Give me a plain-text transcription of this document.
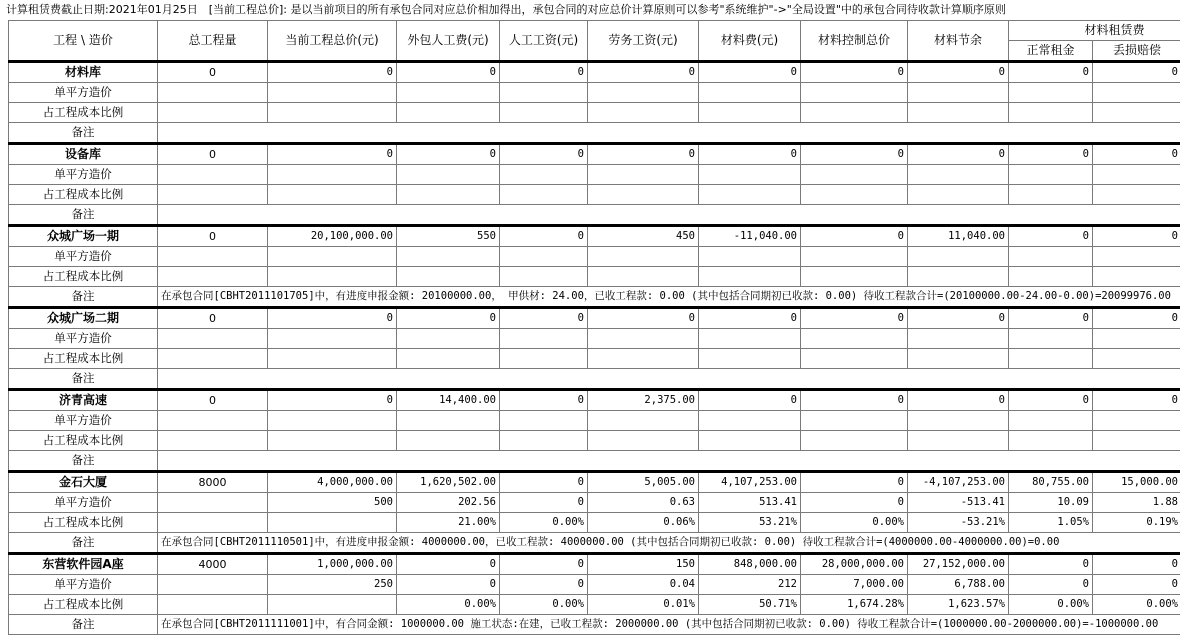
计算租赁费截止日期:2021年01月25日　[当前工程总价]: 是以当前项目的所有承包合同对应总价相加得出，承包合同的对应总价计算原则可以参考"系统维护"->"全局设置"中的承包合同待收款计算顺序原则
工程 \ 造价	总工程量	当前工程总价(元)	外包人工费(元)	人工工资(元)	劳务工资(元)	材料费(元)	材料控制总价	材料节余	材料租赁费		
									正常租金	丢损赔偿	
材料库	0	0	0	0	0	0	0	0	0	0	
单平方造价											
占工程成本比例											
备注											
设备库	0	0	0	0	0	0	0	0	0	0	
单平方造价											
占工程成本比例											
备注											
众城广场一期	0	20,100,000.00	550	0	450	-11,040.00	0	11,040.00	0	0	
单平方造价											
占工程成本比例											
备注	在承包合同[CBHT2011101705]中，有进度申报金额: 20100000.00， 甲供材: 24.00，已收工程款: 0.00 (其中包括合同期初已收款: 0.00) 待收工程款合计=(20100000.00-24.00-0.00)=20099976.00										
众城广场二期	0	0	0	0	0	0	0	0	0	0	
单平方造价											
占工程成本比例											
备注											
济青高速	0	0	14,400.00	0	2,375.00	0	0	0	0	0	
单平方造价											
占工程成本比例											
备注											
金石大厦	8000	4,000,000.00	1,620,502.00	0	5,005.00	4,107,253.00	0	-4,107,253.00	80,755.00	15,000.00	
单平方造价		500	202.56	0	0.63	513.41	0	-513.41	10.09	1.88	
占工程成本比例			21.00%	0.00%	0.06%	53.21%	0.00%	-53.21%	1.05%	0.19%	
备注	在承包合同[CBHT2011110501]中，有进度申报金额: 4000000.00，已收工程款: 4000000.00 (其中包括合同期初已收款: 0.00) 待收工程款合计=(4000000.00-4000000.00)=0.00										
东营软件园A座	4000	1,000,000.00	0	0	150	848,000.00	28,000,000.00	27,152,000.00	0	0	
单平方造价		250	0	0	0.04	212	7,000.00	6,788.00	0	0	
占工程成本比例			0.00%	0.00%	0.01%	50.71%	1,674.28%	1,623.57%	0.00%	0.00%	
备注	在承包合同[CBHT2011111001]中，有合同金额: 1000000.00 施工状态:在建，已收工程款: 2000000.00 (其中包括合同期初已收款: 0.00) 待收工程款合计=(1000000.00-2000000.00)=-1000000.00										
